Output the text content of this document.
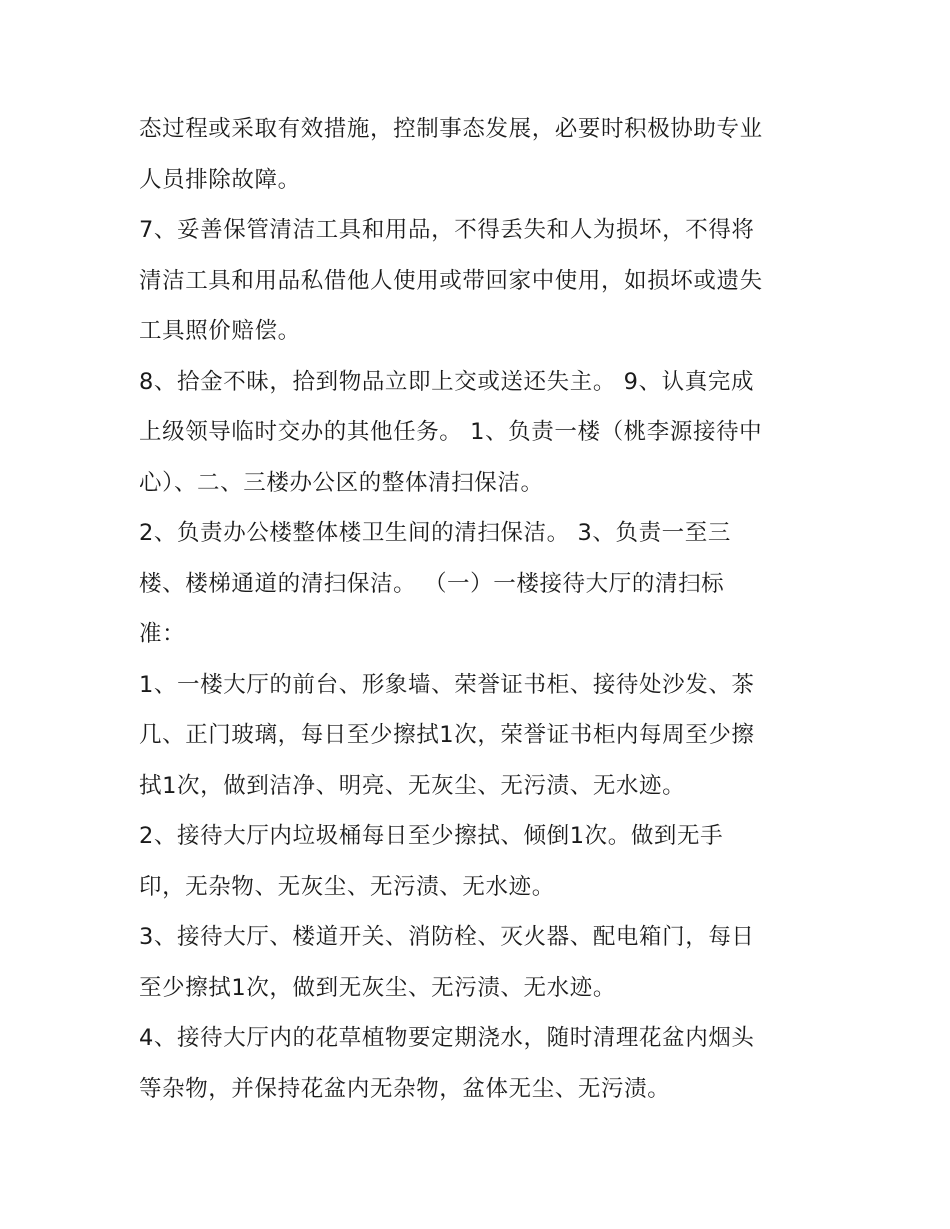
态过程或采取有效措施，控制事态发展，必要时积极协助专业
人员排除故障。
7、妥善保管清洁工具和用品，不得丢失和人为损坏，不得将
清洁工具和用品私借他人使用或带回家中使用，如损坏或遗失
工具照价赔偿。
8、拾金不昧，拾到物品立即上交或送还失主。 9、认真完成
上级领导临时交办的其他任务。 1、负责一楼（桃李源接待中
心）、二、三楼办公区的整体清扫保洁。
2、负责办公楼整体楼卫生间的清扫保洁。 3、负责一至三
楼、楼梯通道的清扫保洁。 （一）一楼接待大厅的清扫标
准：
1、一楼大厅的前台、形象墙、荣誉证书柜、接待处沙发、茶
几、正门玻璃，每日至少擦拭1次，荣誉证书柜内每周至少擦
拭1次，做到洁净、明亮、无灰尘、无污渍、无水迹。
2、接待大厅内垃圾桶每日至少擦拭、倾倒1次。做到无手
印，无杂物、无灰尘、无污渍、无水迹。
3、接待大厅、楼道开关、消防栓、灭火器、配电箱门，每日
至少擦拭1次，做到无灰尘、无污渍、无水迹。
4、接待大厅内的花草植物要定期浇水，随时清理花盆内烟头
等杂物，并保持花盆内无杂物，盆体无尘、无污渍。
